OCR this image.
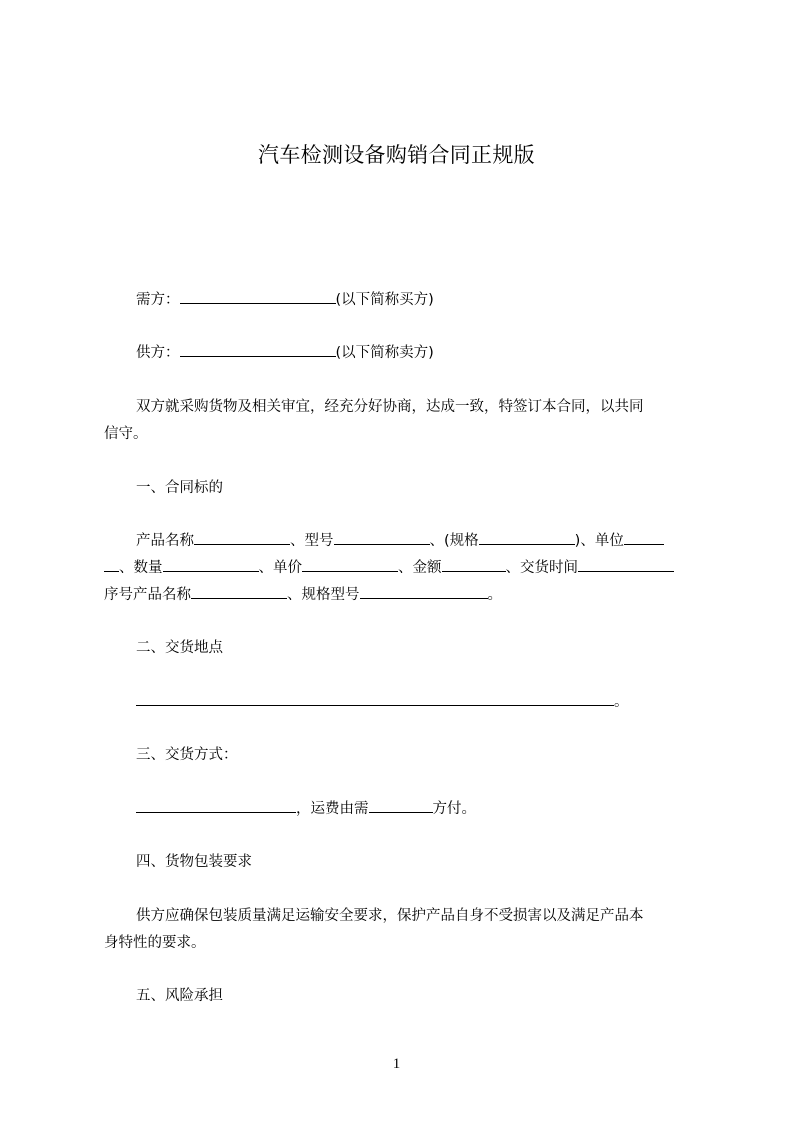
汽车检测设备购销合同正规版
需方：	(以下简称买方)
供方：	(以下简称卖方)
双方就采购货物及相关审宜，经充分好协商，达成一致，特签订本合同，以共同
信守。
一、合同标的
产品名称	、型号	、(规格	)、单位
、数量	、单价	、金额	、交货时间
序号产品名称	、规格型号	。
二、交货地点
。
三、交货方式：
，运费由需	方付。
四、货物包装要求
供方应确保包装质量满足运输安全要求，保护产品自身不受损害以及满足产品本
身特性的要求。
五、风险承担
1
